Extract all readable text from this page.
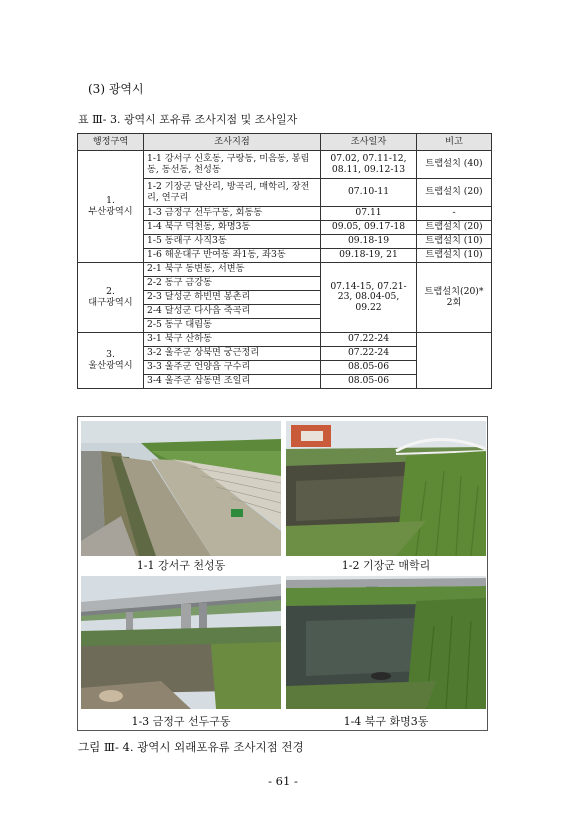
(3) 광역시
표 Ⅲ- 3. 광역시 포유류 조사지점 및 조사일자
행정구역	조사지점	조사일자	비고
1.
부산광역시	1-1 강서구 신호동, 구랑동, 미음동, 봉림동, 동선동, 천성동	07.02, 07.11-12, 08.11, 09.12-13	트랩설치 (40)
	1-2 기장군 달산리, 방곡리, 매학리, 장전리, 연구리	07.10-11	트랩설치 (20)
	1-3 금정구 선두구동, 회동동	07.11	-
	1-4 북구 덕천동, 화명3동	09.05, 09.17-18	트랩설치 (20)
	1-5 동래구 사직3동	09.18-19	트랩설치 (10)
	1-6 해운대구 반여동 좌1동, 좌3동	09.18-19, 21	트랩설치 (10)
2.
대구광역시	2-1 북구 동변동, 서변동	07.14-15, 07.21-23, 08.04-05, 09.22	트랩설치(20)*
2회
	2-2 동구 금강동		
	2-3 달성군 하빈면 봉촌리		
	2-4 달성군 다사읍 죽곡리		
	2-5 동구 대림동		
3.
울산광역시	3-1 북구 산하동	07.22-24	
	3-2 울주군 상북면 궁근정리	07.22-24	
	3-3 울주군 언양읍 구수리	08.05-06	
	3-4 울주군 삼동면 조일리	08.05-06	
1-1 강서구 천성동	1-2 기장군 매학리
1-3 금정구 선두구동	1-4 북구 화명3동
그림 Ⅲ- 4. 광역시 외래포유류 조사지점 전경
- 61 -
